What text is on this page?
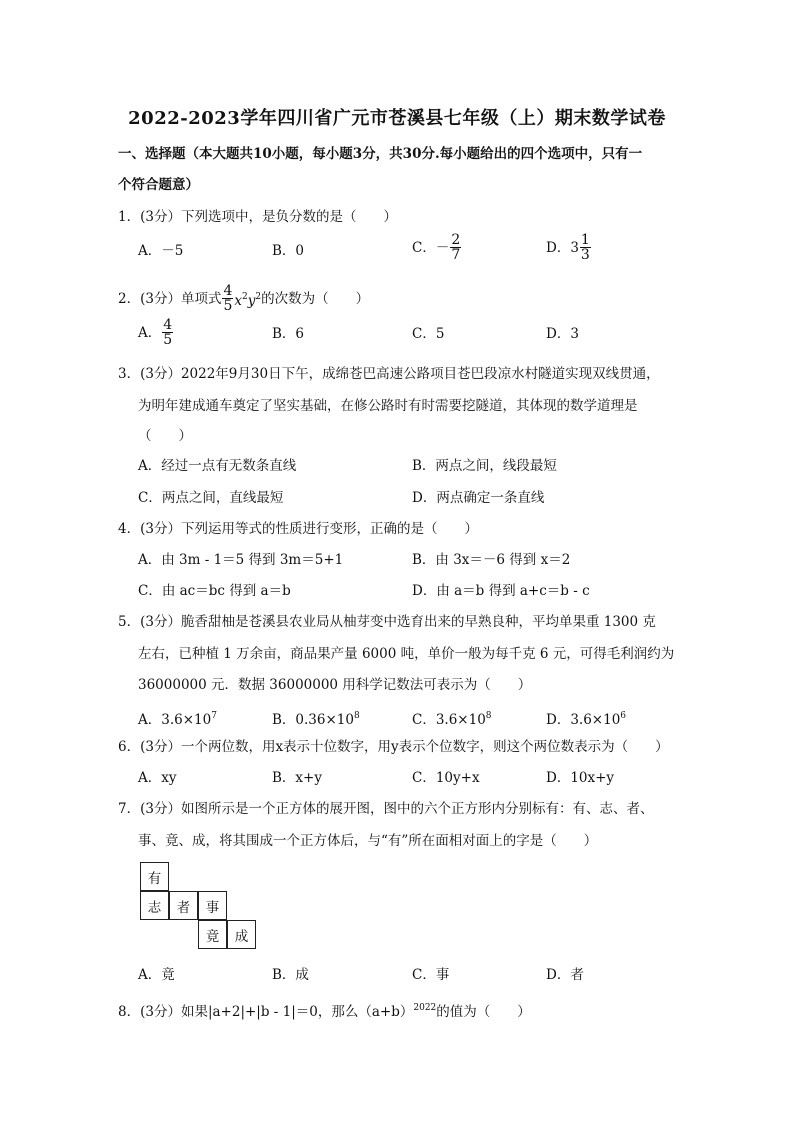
2022-2023学年四川省广元市苍溪县七年级（上）期末数学试卷
一、选择题（本大题共10小题，每小题3分，共30分.每小题给出的四个选项中，只有一
个符合题意）
1．(3分）下列选项中，是负分数的是（　　）
A．－5	B．0	C．－ $\frac{2}{7}$	D．$3 \frac{1}{3}$
2．(3分）单项式 $\frac{4}{5} x^2y^2$ 的次数为（　　）
A． $\frac{4}{5}$	B．6	C．5	D．3
3．(3分）2022年9月30日下午，成绵苍巴高速公路项目苍巴段凉水村隧道实现双线贯通，
为明年建成通车奠定了坚实基础，在修公路时有时需要挖隧道，其体现的数学道理是
（　　）
A．经过一点有无数条直线	B．两点之间，线段最短
C．两点之间，直线最短	D．两点确定一条直线
4．(3分）下列运用等式的性质进行变形，正确的是（　　）
A．由 3m - 1＝5 得到 3m＝5+1	B．由 3x＝－6 得到 x＝2
C．由 ac＝bc 得到 a＝b	D．由 a＝b 得到 a+c＝b - c
5．(3分）脆香甜柚是苍溪县农业局从柚芽变中选育出来的早熟良种，平均单果重 1300 克
左右，已种植 1 万余亩，商品果产量 6000 吨，单价一般为每千克 6 元，可得毛利润约为
36000000 元．数据 36000000 用科学记数法可表示为（　　）
A．$3.6\times 10^7$	B．$0.36\times 10^8$	C．$3.6\times 10^8$	D．$3.6\times 10^6$
6．(3分）一个两位数，用x表示十位数字，用y表示个位数字，则这个两位数表示为（　　）
A．xy	B．x+y	C．10y+x	D．10x+y
7．(3分）如图所示是一个正方体的展开图，图中的六个正方形内分别标有：有、志、者、
事、竟、成，将其围成一个正方体后，与“有”所在面相对面上的字是（　　）
有
志	者	事
竟	成
A．竟	B．成	C．事	D．者
8．(3分）如果|a+2|+|b - 1|＝0，那么$(a+b)^{2022}$的值为（　　）
